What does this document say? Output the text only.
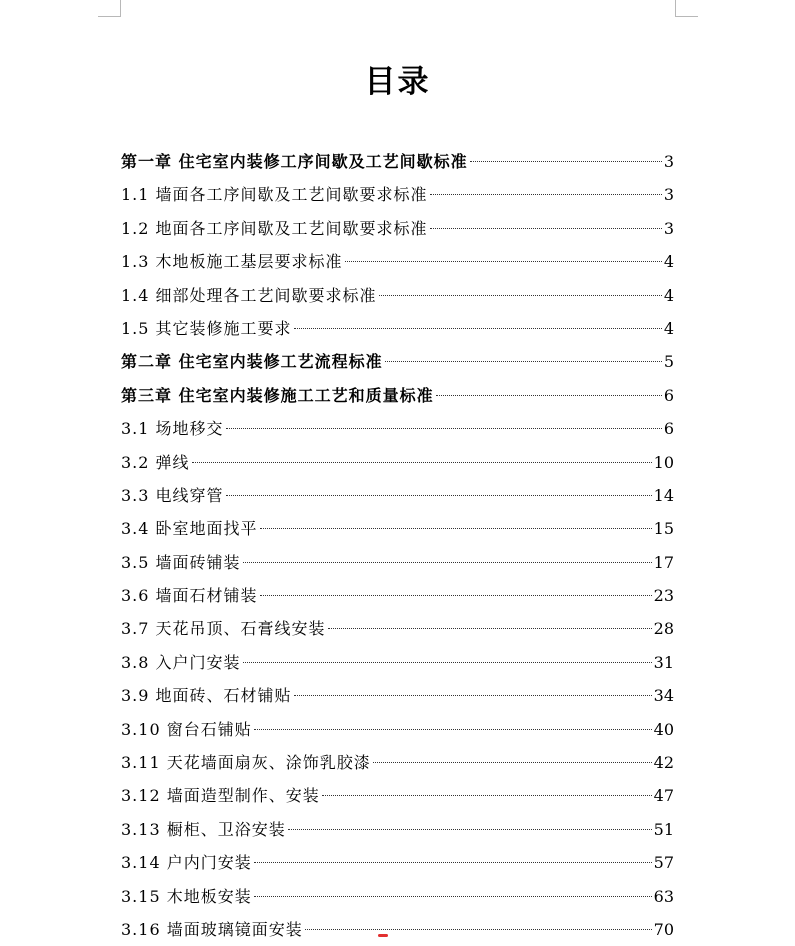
目录
第一章 住宅室内装修工序间歇及工艺间歇标准	3
1.1 墙面各工序间歇及工艺间歇要求标准	3
1.2 地面各工序间歇及工艺间歇要求标准	3
1.3 木地板施工基层要求标准	4
1.4 细部处理各工艺间歇要求标准	4
1.5 其它装修施工要求	4
第二章 住宅室内装修工艺流程标准	5
第三章 住宅室内装修施工工艺和质量标准	6
3.1 场地移交	6
3.2 弹线	10
3.3 电线穿管	14
3.4 卧室地面找平	15
3.5 墙面砖铺装	17
3.6 墙面石材铺装	23
3.7 天花吊顶、石膏线安装	28
3.8 入户门安装	31
3.9 地面砖、石材铺贴	34
3.10 窗台石铺贴	40
3.11 天花墙面扇灰、涂饰乳胶漆	42
3.12 墙面造型制作、安装	47
3.13 橱柜、卫浴安装	51
3.14 户内门安装	57
3.15 木地板安装	63
3.16 墙面玻璃镜面安装	70
